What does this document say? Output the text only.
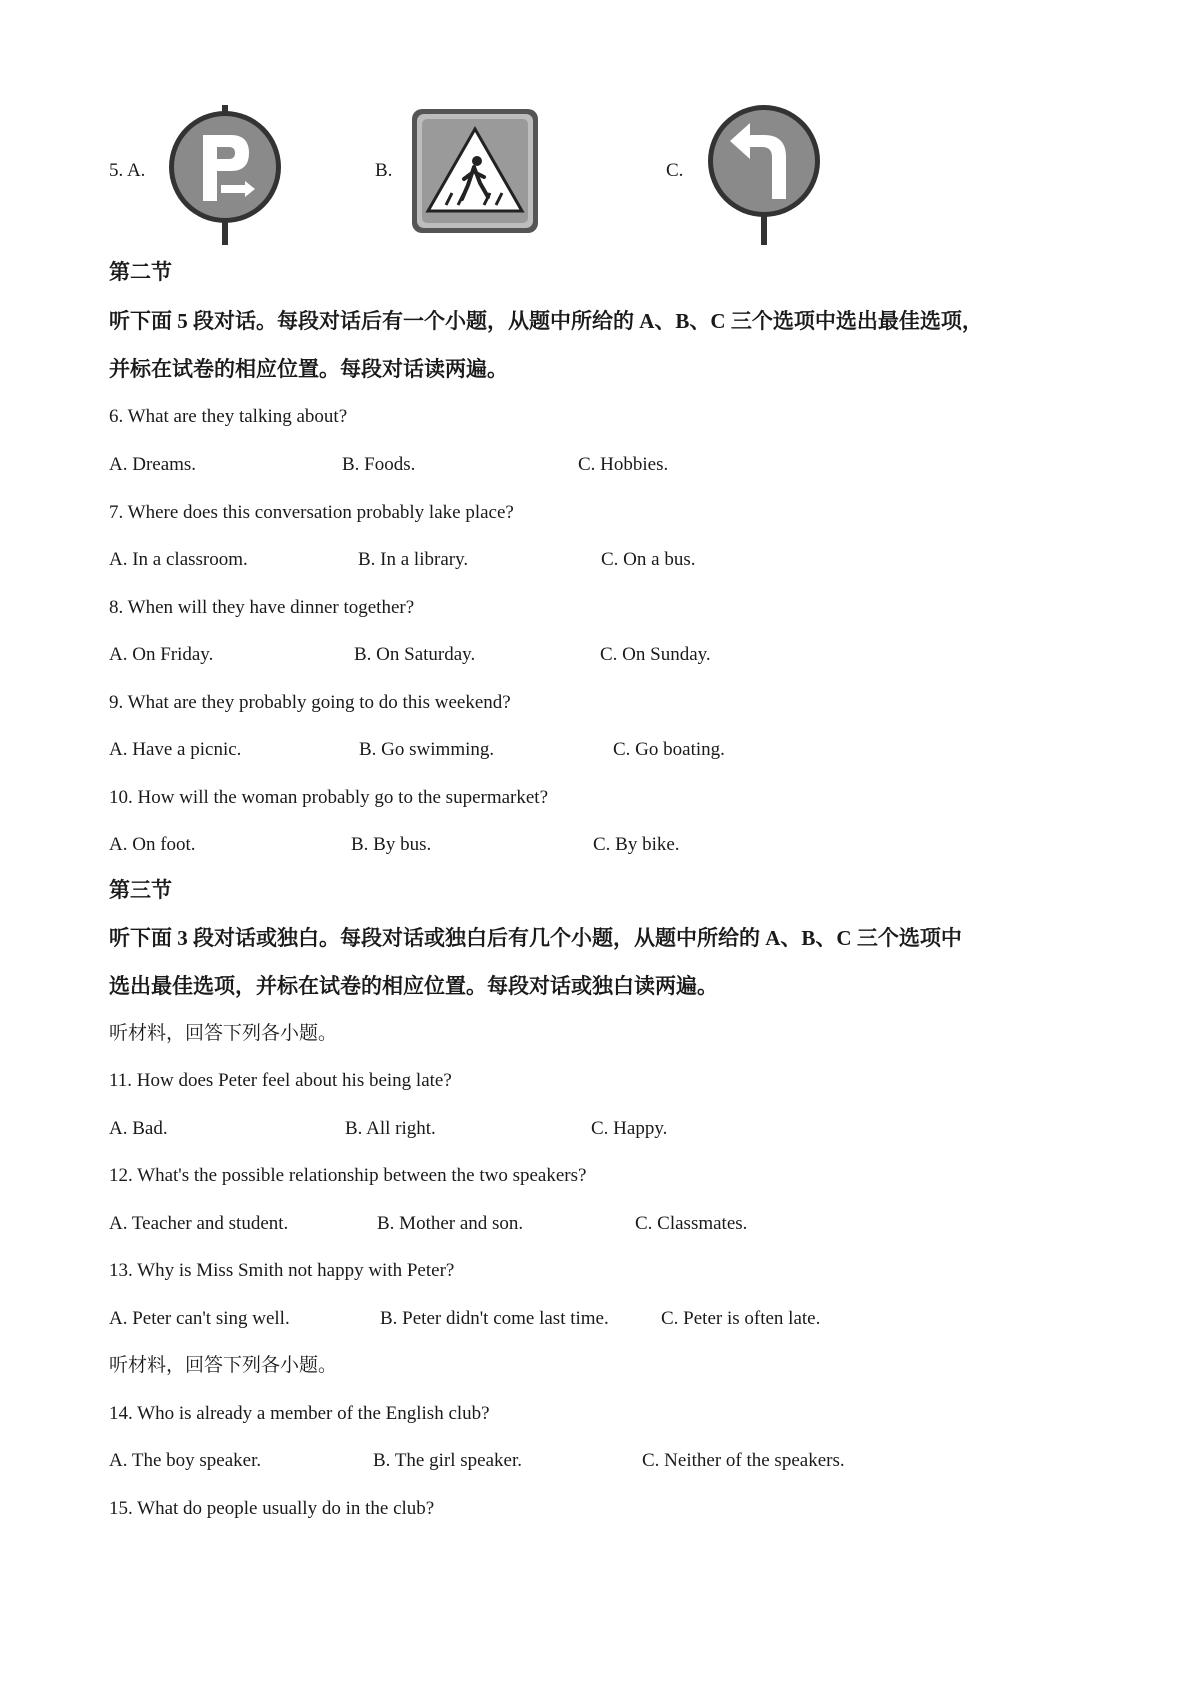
5. A.	B.	C.
第二节
听下面 5 段对话。每段对话后有一个小题，从题中所给的 A、B、C 三个选项中选出最佳选项，
并标在试卷的相应位置。每段对话读两遍。
6. What are they talking about?
A. Dreams.	B. Foods.	C. Hobbies.
7. Where does this conversation probably lake place?
A. In a classroom.	B. In a library.	C. On a bus.
8. When will they have dinner together?
A. On Friday.	B. On Saturday.	C. On Sunday.
9. What are they probably going to do this weekend?
A. Have a picnic.	B. Go swimming.	C. Go boating.
10. How will the woman probably go to the supermarket?
A. On foot.	B. By bus.	C. By bike.
第三节
听下面 3 段对话或独白。每段对话或独白后有几个小题，从题中所给的 A、B、C 三个选项中
选出最佳选项，并标在试卷的相应位置。每段对话或独白读两遍。
听材料，回答下列各小题。
11. How does Peter feel about his being late?
A. Bad.	B. All right.	C. Happy.
12. What's the possible relationship between the two speakers?
A. Teacher and student.	B. Mother and son.	C. Classmates.
13. Why is Miss Smith not happy with Peter?
A. Peter can't sing well.	B. Peter didn't come last time.	C. Peter is often late.
听材料，回答下列各小题。
14. Who is already a member of the English club?
A. The boy speaker.	B. The girl speaker.	C. Neither of the speakers.
15. What do people usually do in the club?
